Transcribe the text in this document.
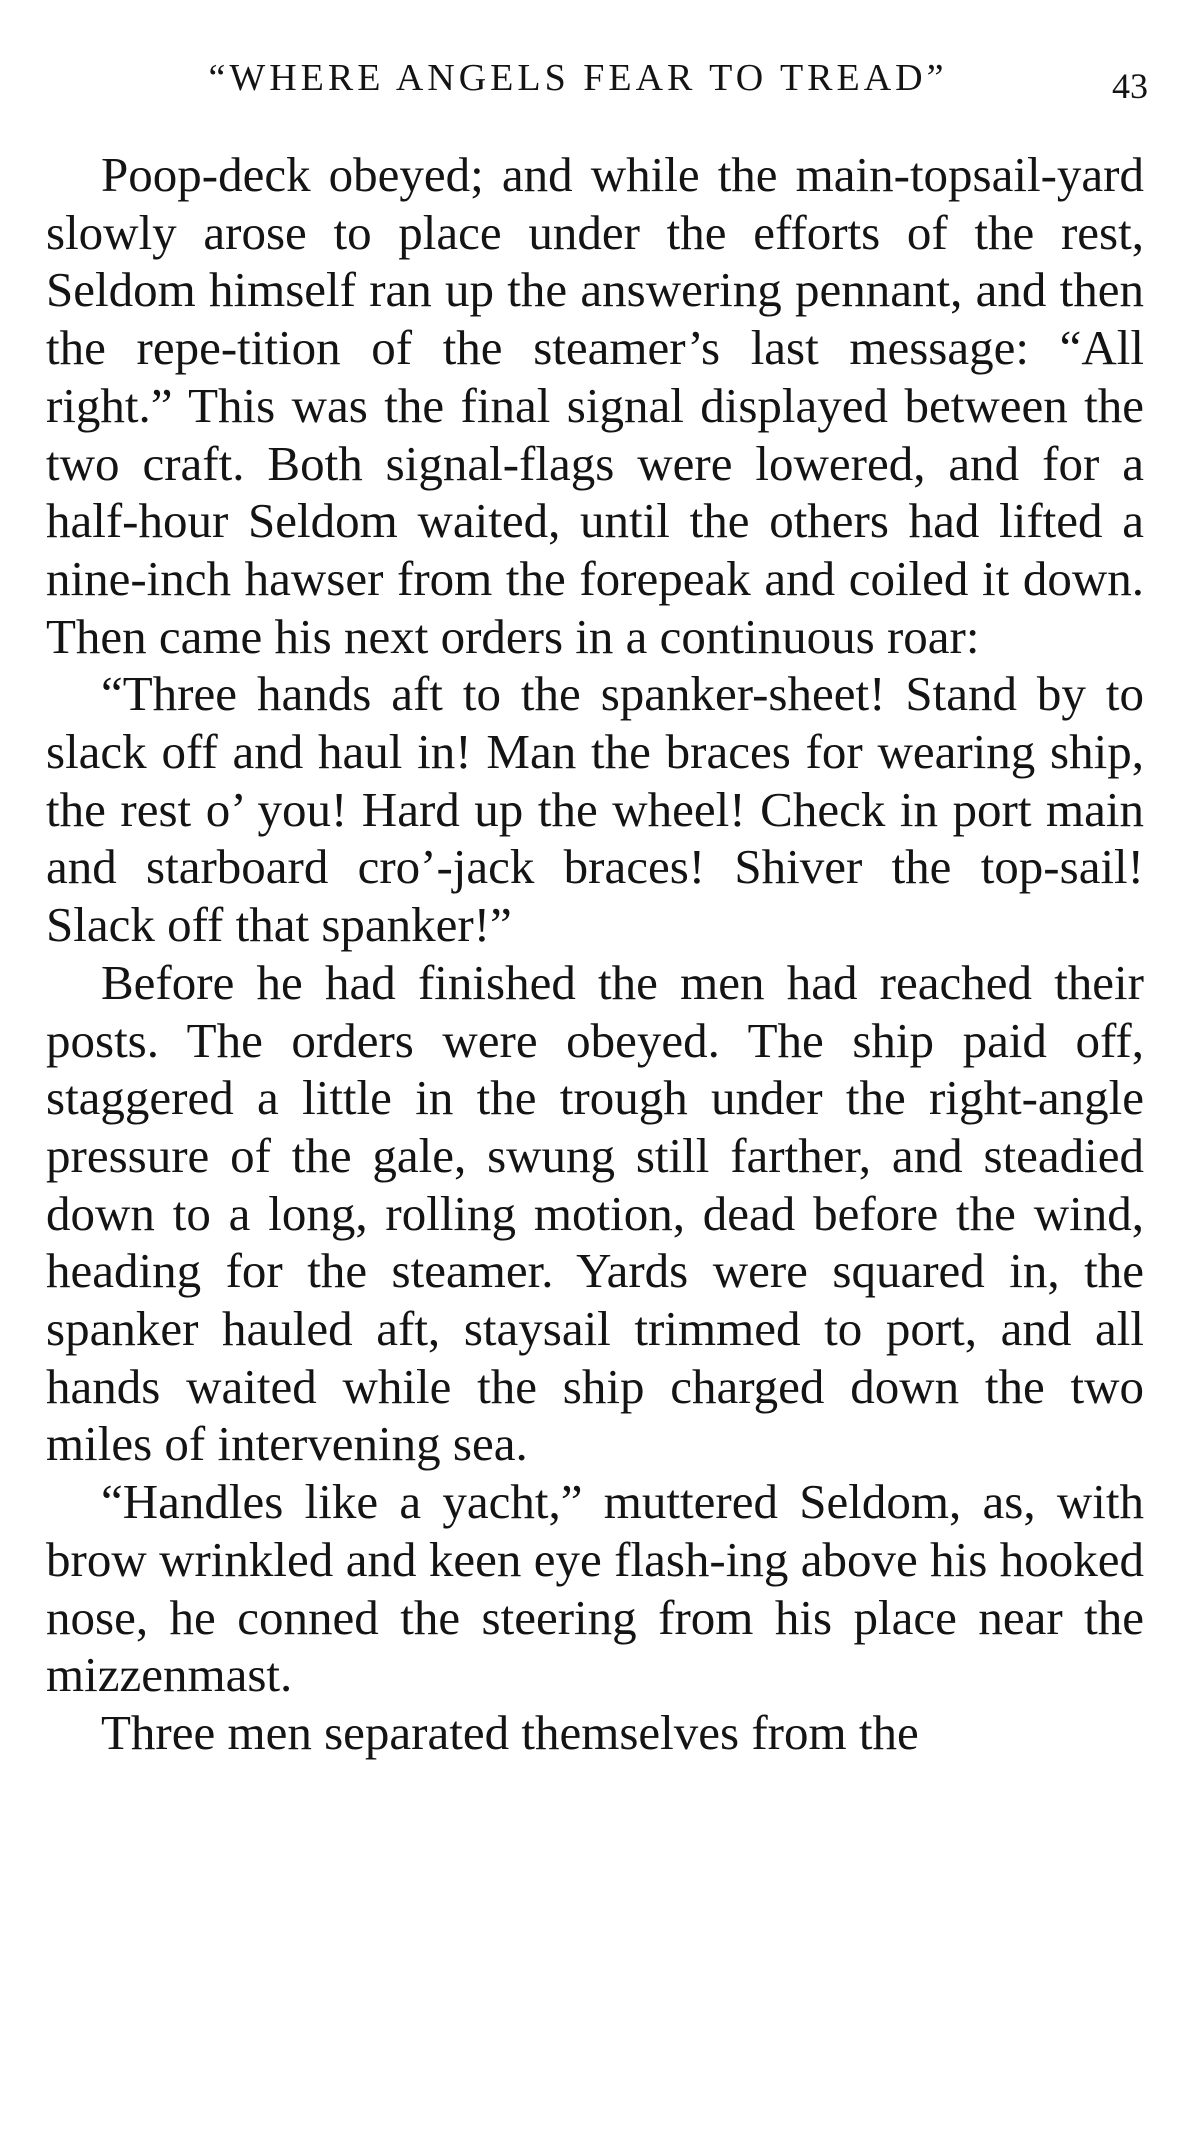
“WHERE ANGELS FEAR TO TREAD”	43

Poop-deck obeyed; and while the main-topsail-yard slowly arose to place under the efforts of the rest, Seldom himself ran up the answering pennant, and then the repe-tition of the steamer’s last message: “All right.” This was the final signal displayed between the two craft. Both signal-flags were lowered, and for a half-hour Seldom waited, until the others had lifted a nine-inch hawser from the forepeak and coiled it down. Then came his next orders in a continuous roar:

“Three hands aft to the spanker-sheet! Stand by to slack off and haul in! Man the braces for wearing ship, the rest o’ you! Hard up the wheel! Check in port main and starboard cro’-jack braces! Shiver the top-sail! Slack off that spanker!”

Before he had finished the men had reached their posts. The orders were obeyed. The ship paid off, staggered a little in the trough under the right-angle pressure of the gale, swung still farther, and steadied down to a long, rolling motion, dead before the wind, heading for the steamer. Yards were squared in, the spanker hauled aft, staysail trimmed to port, and all hands waited while the ship charged down the two miles of intervening sea.

“Handles like a yacht,” muttered Seldom, as, with brow wrinkled and keen eye flash-ing above his hooked nose, he conned the steering from his place near the mizzenmast.

Three men separated themselves from the
